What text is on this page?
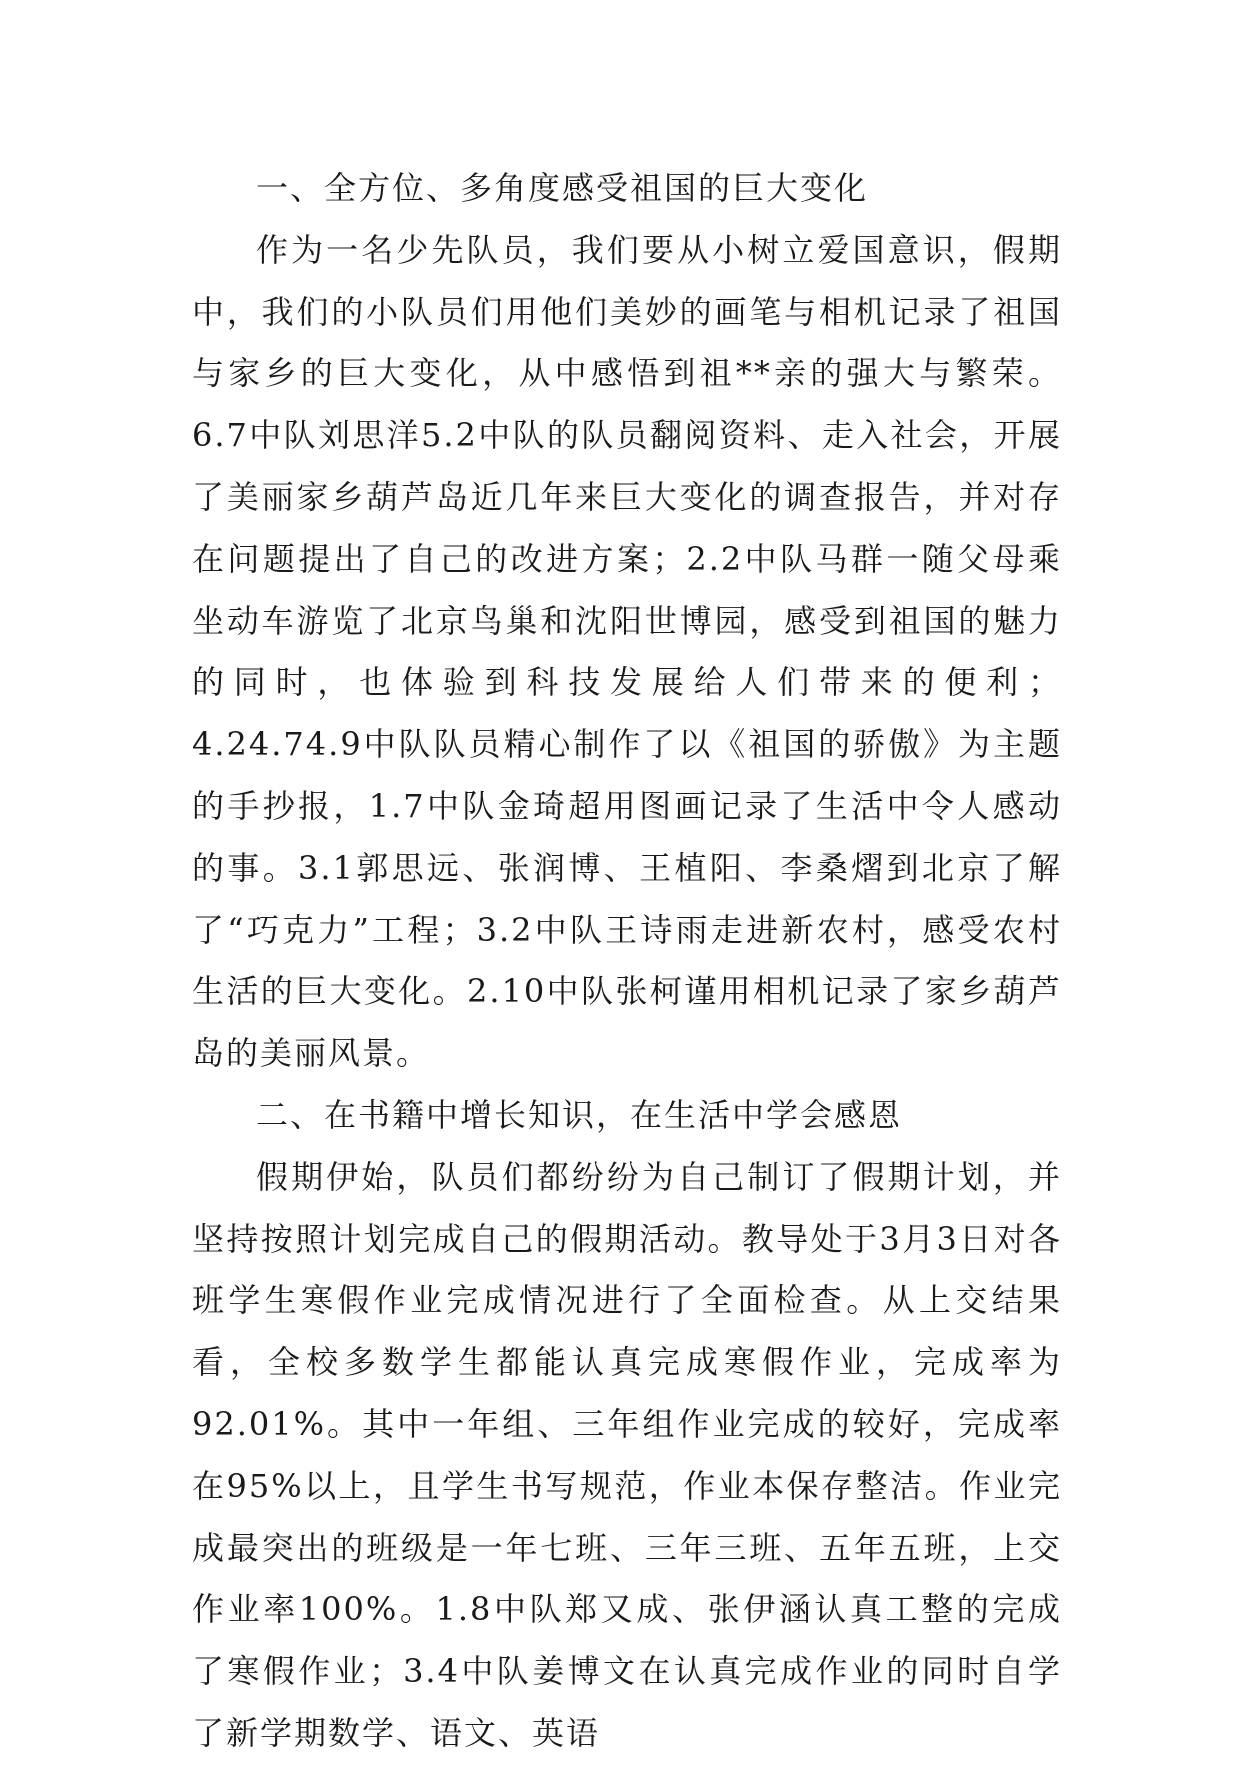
一、全方位、多角度感受祖国的巨大变化

作为一名少先队员，我们要从小树立爱国意识，假期中，我们的小队员们用他们美妙的画笔与相机记录了祖国与家乡的巨大变化，从中感悟到祖**亲的强大与繁荣。6.7中队刘思洋5.2中队的队员翻阅资料、走入社会，开展了美丽家乡葫芦岛近几年来巨大变化的调查报告，并对存在问题提出了自己的改进方案；2.2中队马群一随父母乘坐动车游览了北京鸟巢和沈阳世博园，感受到祖国的魅力的同时，也体验到科技发展给人们带来的便利；4.24.74.9中队队员精心制作了以《祖国的骄傲》为主题的手抄报，1.7中队金琦超用图画记录了生活中令人感动的事。3.1郭思远、张润博、王植阳、李桑熠到北京了解了“巧克力”工程；3.2中队王诗雨走进新农村，感受农村生活的巨大变化。2.10中队张柯谨用相机记录了家乡葫芦岛的美丽风景。

二、在书籍中增长知识，在生活中学会感恩

假期伊始，队员们都纷纷为自己制订了假期计划，并坚持按照计划完成自己的假期活动。教导处于3月3日对各班学生寒假作业完成情况进行了全面检查。从上交结果看，全校多数学生都能认真完成寒假作业，完成率为92.01%。其中一年组、三年组作业完成的较好，完成率在95%以上，且学生书写规范，作业本保存整洁。作业完成最突出的班级是一年七班、三年三班、五年五班，上交作业率100%。1.8中队郑又成、张伊涵认真工整的完成了寒假作业；3.4中队姜博文在认真完成作业的同时自学了新学期数学、语文、英语
